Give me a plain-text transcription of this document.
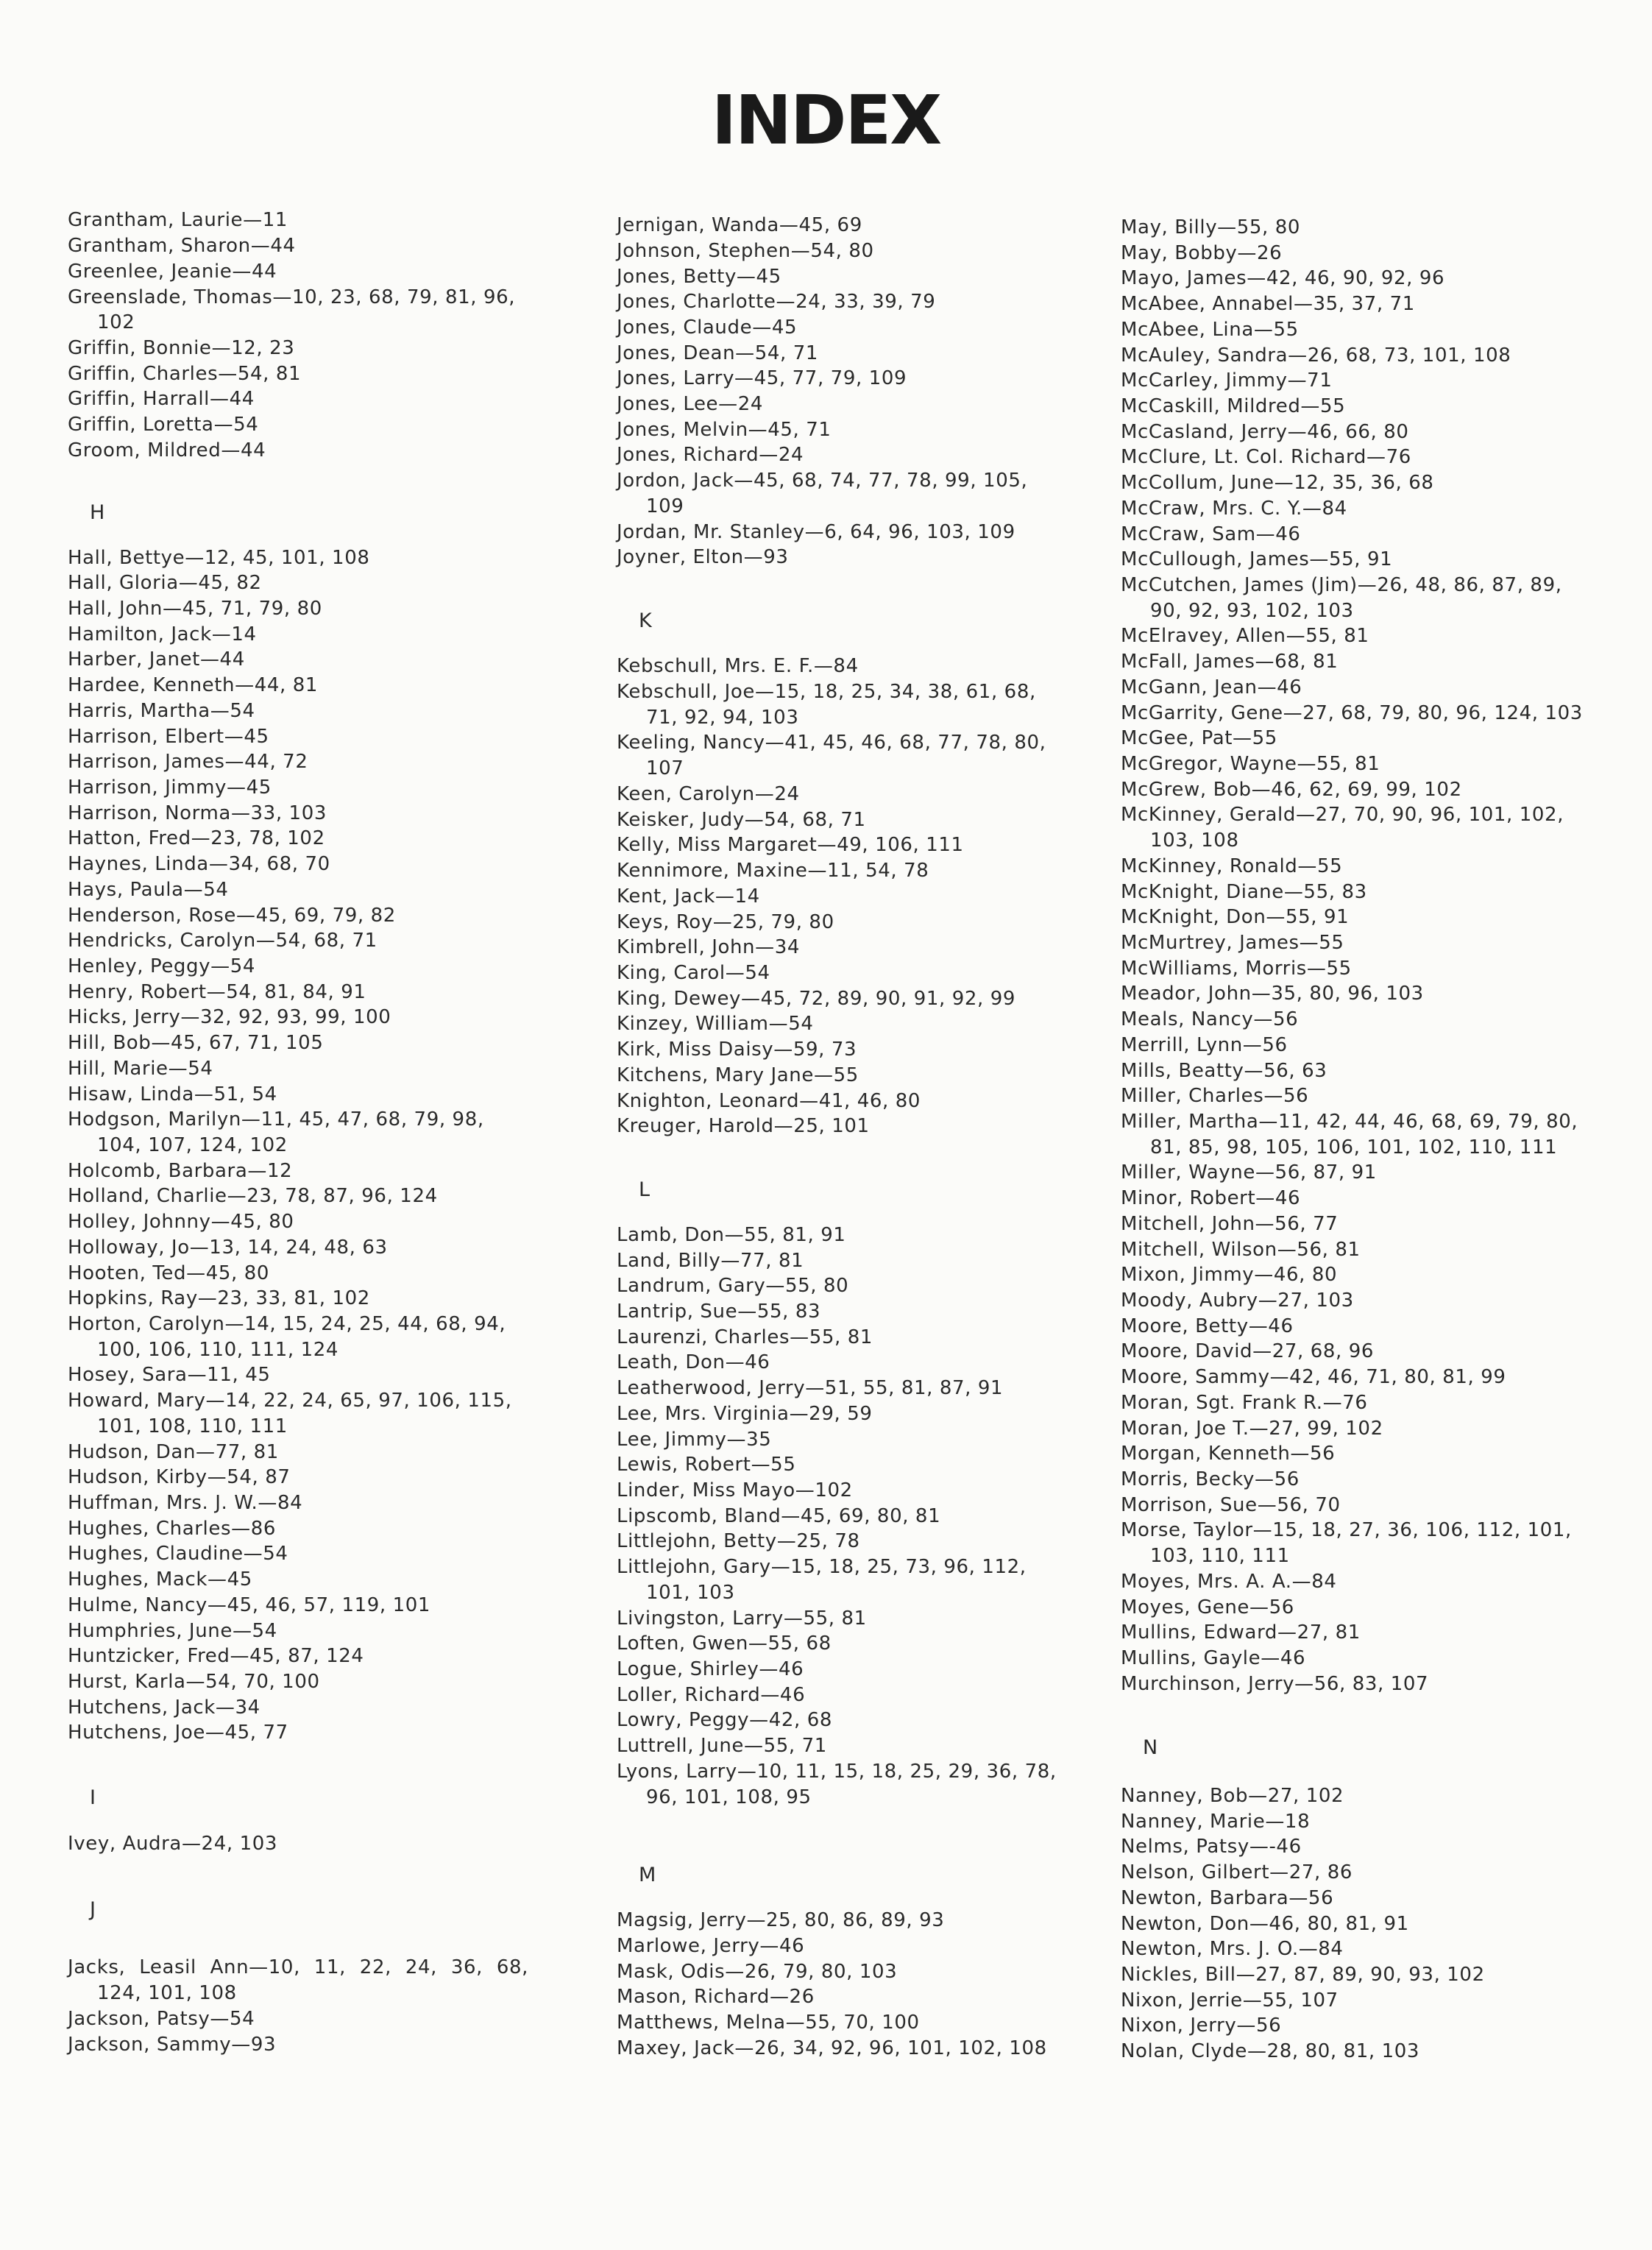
INDEX
Grantham, Laurie—11
Grantham, Sharon—44
Greenlee, Jeanie—44
Greenslade, Thomas—10, 23, 68, 79, 81, 96,
102
Griffin, Bonnie—12, 23
Griffin, Charles—54, 81
Griffin, Harrall—44
Griffin, Loretta—54
Groom, Mildred—44
H
Hall, Bettye—12, 45, 101, 108
Hall, Gloria—45, 82
Hall, John—45, 71, 79, 80
Hamilton, Jack—14
Harber, Janet—44
Hardee, Kenneth—44, 81
Harris, Martha—54
Harrison, Elbert—45
Harrison, James—44, 72
Harrison, Jimmy—45
Harrison, Norma—33, 103
Hatton, Fred—23, 78, 102
Haynes, Linda—34, 68, 70
Hays, Paula—54
Henderson, Rose—45, 69, 79, 82
Hendricks, Carolyn—54, 68, 71
Henley, Peggy—54
Henry, Robert—54, 81, 84, 91
Hicks, Jerry—32, 92, 93, 99, 100
Hill, Bob—45, 67, 71, 105
Hill, Marie—54
Hisaw, Linda—51, 54
Hodgson, Marilyn—11, 45, 47, 68, 79, 98,
104, 107, 124, 102
Holcomb, Barbara—12
Holland, Charlie—23, 78, 87, 96, 124
Holley, Johnny—45, 80
Holloway, Jo—13, 14, 24, 48, 63
Hooten, Ted—45, 80
Hopkins, Ray—23, 33, 81, 102
Horton, Carolyn—14, 15, 24, 25, 44, 68, 94,
100, 106, 110, 111, 124
Hosey, Sara—11, 45
Howard, Mary—14, 22, 24, 65, 97, 106, 115,
101, 108, 110, 111
Hudson, Dan—77, 81
Hudson, Kirby—54, 87
Huffman, Mrs. J. W.—84
Hughes, Charles—86
Hughes, Claudine—54
Hughes, Mack—45
Hulme, Nancy—45, 46, 57, 119, 101
Humphries, June—54
Huntzicker, Fred—45, 87, 124
Hurst, Karla—54, 70, 100
Hutchens, Jack—34
Hutchens, Joe—45, 77
I
Ivey, Audra—24, 103
J
Jacks, Leasil Ann—10, 11, 22, 24, 36, 68,
124, 101, 108
Jackson, Patsy—54
Jackson, Sammy—93
Jernigan, Wanda—45, 69
Johnson, Stephen—54, 80
Jones, Betty—45
Jones, Charlotte—24, 33, 39, 79
Jones, Claude—45
Jones, Dean—54, 71
Jones, Larry—45, 77, 79, 109
Jones, Lee—24
Jones, Melvin—45, 71
Jones, Richard—24
Jordon, Jack—45, 68, 74, 77, 78, 99, 105,
109
Jordan, Mr. Stanley—6, 64, 96, 103, 109
Joyner, Elton—93
K
Kebschull, Mrs. E. F.—84
Kebschull, Joe—15, 18, 25, 34, 38, 61, 68,
71, 92, 94, 103
Keeling, Nancy—41, 45, 46, 68, 77, 78, 80,
107
Keen, Carolyn—24
Keisker, Judy—54, 68, 71
Kelly, Miss Margaret—49, 106, 111
Kennimore, Maxine—11, 54, 78
Kent, Jack—14
Keys, Roy—25, 79, 80
Kimbrell, John—34
King, Carol—54
King, Dewey—45, 72, 89, 90, 91, 92, 99
Kinzey, William—54
Kirk, Miss Daisy—59, 73
Kitchens, Mary Jane—55
Knighton, Leonard—41, 46, 80
Kreuger, Harold—25, 101
L
Lamb, Don—55, 81, 91
Land, Billy—77, 81
Landrum, Gary—55, 80
Lantrip, Sue—55, 83
Laurenzi, Charles—55, 81
Leath, Don—46
Leatherwood, Jerry—51, 55, 81, 87, 91
Lee, Mrs. Virginia—29, 59
Lee, Jimmy—35
Lewis, Robert—55
Linder, Miss Mayo—102
Lipscomb, Bland—45, 69, 80, 81
Littlejohn, Betty—25, 78
Littlejohn, Gary—15, 18, 25, 73, 96, 112,
101, 103
Livingston, Larry—55, 81
Loften, Gwen—55, 68
Logue, Shirley—46
Loller, Richard—46
Lowry, Peggy—42, 68
Luttrell, June—55, 71
Lyons, Larry—10, 11, 15, 18, 25, 29, 36, 78,
96, 101, 108, 95
M
Magsig, Jerry—25, 80, 86, 89, 93
Marlowe, Jerry—46
Mask, Odis—26, 79, 80, 103
Mason, Richard—26
Matthews, Melna—55, 70, 100
Maxey, Jack—26, 34, 92, 96, 101, 102, 108
May, Billy—55, 80
May, Bobby—26
Mayo, James—42, 46, 90, 92, 96
McAbee, Annabel—35, 37, 71
McAbee, Lina—55
McAuley, Sandra—26, 68, 73, 101, 108
McCarley, Jimmy—71
McCaskill, Mildred—55
McCasland, Jerry—46, 66, 80
McClure, Lt. Col. Richard—76
McCollum, June—12, 35, 36, 68
McCraw, Mrs. C. Y.—84
McCraw, Sam—46
McCullough, James—55, 91
McCutchen, James (Jim)—26, 48, 86, 87, 89,
90, 92, 93, 102, 103
McElravey, Allen—55, 81
McFall, James—68, 81
McGann, Jean—46
McGarrity, Gene—27, 68, 79, 80, 96, 124, 103
McGee, Pat—55
McGregor, Wayne—55, 81
McGrew, Bob—46, 62, 69, 99, 102
McKinney, Gerald—27, 70, 90, 96, 101, 102,
103, 108
McKinney, Ronald—55
McKnight, Diane—55, 83
McKnight, Don—55, 91
McMurtrey, James—55
McWilliams, Morris—55
Meador, John—35, 80, 96, 103
Meals, Nancy—56
Merrill, Lynn—56
Mills, Beatty—56, 63
Miller, Charles—56
Miller, Martha—11, 42, 44, 46, 68, 69, 79, 80,
81, 85, 98, 105, 106, 101, 102, 110, 111
Miller, Wayne—56, 87, 91
Minor, Robert—46
Mitchell, John—56, 77
Mitchell, Wilson—56, 81
Mixon, Jimmy—46, 80
Moody, Aubry—27, 103
Moore, Betty—46
Moore, David—27, 68, 96
Moore, Sammy—42, 46, 71, 80, 81, 99
Moran, Sgt. Frank R.—76
Moran, Joe T.—27, 99, 102
Morgan, Kenneth—56
Morris, Becky—56
Morrison, Sue—56, 70
Morse, Taylor—15, 18, 27, 36, 106, 112, 101,
103, 110, 111
Moyes, Mrs. A. A.—84
Moyes, Gene—56
Mullins, Edward—27, 81
Mullins, Gayle—46
Murchinson, Jerry—56, 83, 107
N
Nanney, Bob—27, 102
Nanney, Marie—18
Nelms, Patsy—-46
Nelson, Gilbert—27, 86
Newton, Barbara—56
Newton, Don—46, 80, 81, 91
Newton, Mrs. J. O.—84
Nickles, Bill—27, 87, 89, 90, 93, 102
Nixon, Jerrie—55, 107
Nixon, Jerry—56
Nolan, Clyde—28, 80, 81, 103
